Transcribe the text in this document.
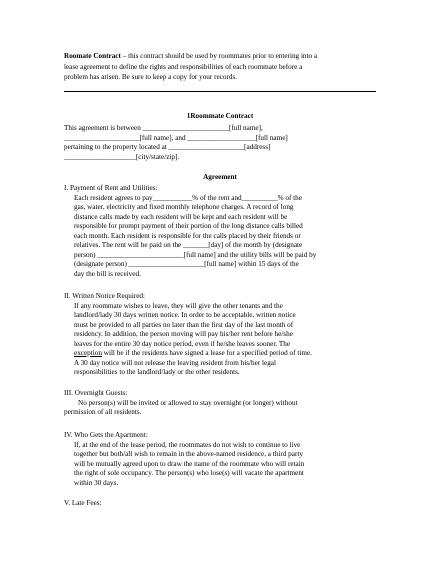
Roomate Contract – this contract should be used by roommates prior to entering into a
lease agreement to define the rights and responsibilities of each roommate before a
problem has arisen. Be sure to keep a copy for your records.
1Roommate Contract
This agreement is between ________________________[full name],
_____________________[full name], and ___________________[full name]
pertaining to the property located at _____________________[address]
____________________[city/state/zip].
Agreement
I. Payment of Rent and Utilities:
Each resident agrees to pay___________% of the rent and__________% of the
gas, water, electricity and fixed monthly telephone charges. A record of long
distance calls made by each resident will be kept and each resident will be
responsible for prompt payment of their portion of the long distance calls billed
each month. Each resident is responsible for the calls placed by their friends or
relatives. The rent will be paid on the _______[day] of the month by (designate
person) ________________________[full name] and the utility bills will be paid by
(designate person) _____________________[full name] within 15 days of the
day the bill is received.
II. Written Notice Required:
If any roommate wishes to leave, they will give the other tenants and the
landlord/lady 30 days written notice. In order to be acceptable, written notice
must be provided to all parties no later than the first day of the last month of
residency. In addition, the person moving will pay his/her rent before he/she
leaves for the entire 30 day notice period, even if he/she leaves sooner. The
exception will be if the residents have signed a lease for a specified period of time.
A 30 day notice will not release the leaving resident from his/her legal
responsibilities to the landlord/lady or the other residents.
III. Overnight Guests:
No person(s) will be invited or allowed to stay overnight (or longer) without
permission of all residents.
IV. Who Gets the Apartment:
If, at the end of the lease period, the roommates do not wish to continue to live
together but both/all wish to remain in the above-named residence, a third party
will be mutually agreed upon to draw the name of the roommate who will retain
the right of sole occupancy. The person(s) who lose(s) will vacate the apartment
within 30 days.
V. Late Fees:
